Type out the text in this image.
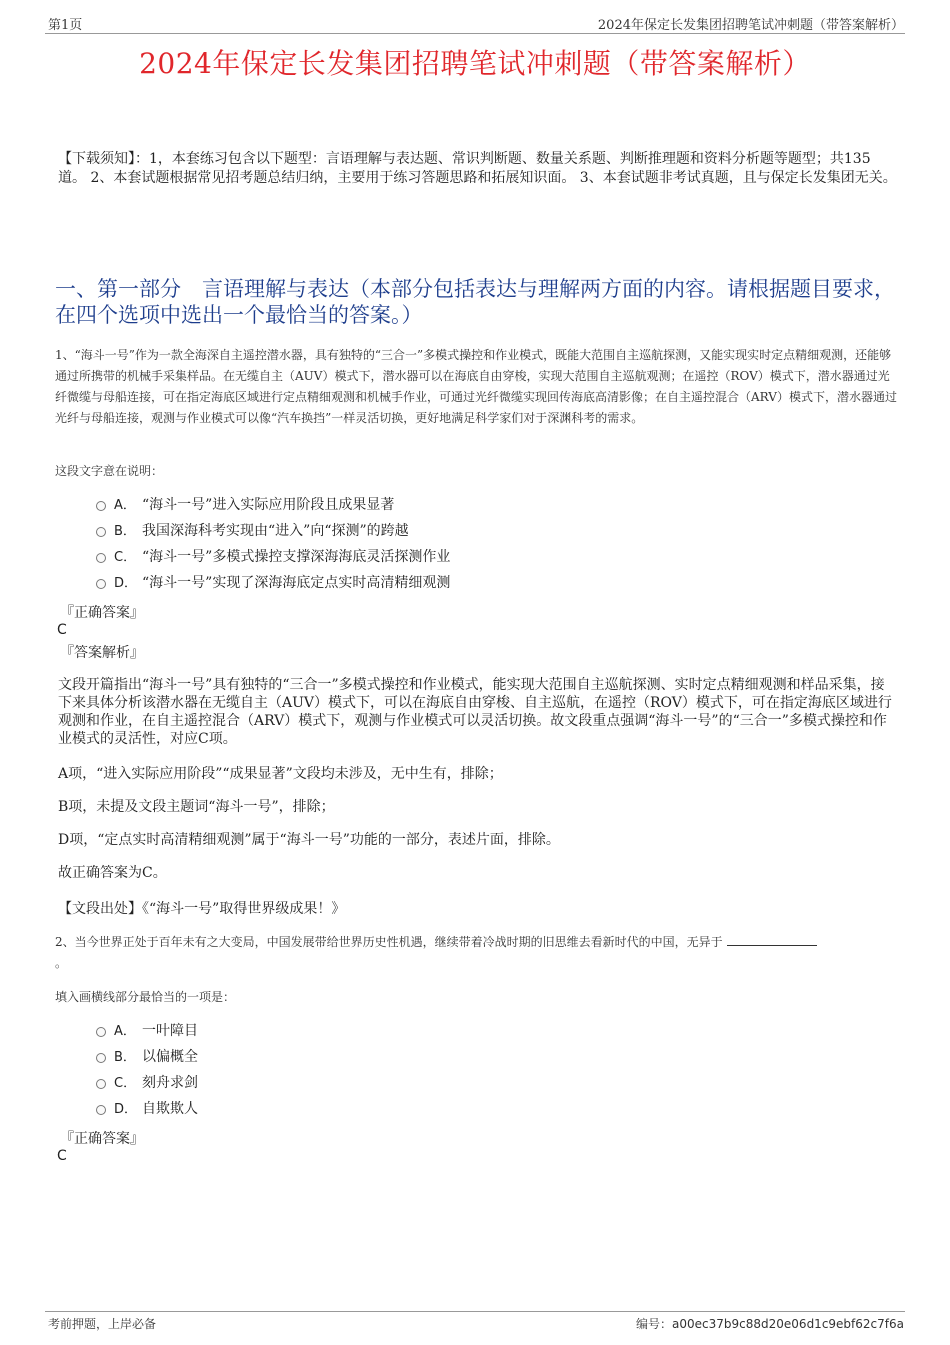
第1页	2024年保定长发集团招聘笔试冲刺题（带答案解析）
2024年保定长发集团招聘笔试冲刺题（带答案解析）
【下载须知】：1，本套练习包含以下题型：言语理解与表达题、常识判断题、数量关系题、判断推理题和资料分析题等题型；共135道。 2、本套试题根据常见招考题总结归纳，主要用于练习答题思路和拓展知识面。 3、本套试题非考试真题，且与保定长发集团无关。
一、第一部分　言语理解与表达（本部分包括表达与理解两方面的内容。请根据题目要求，在四个选项中选出一个最恰当的答案。）
1、“海斗一号”作为一款全海深自主遥控潜水器，具有独特的“三合一”多模式操控和作业模式，既能大范围自主巡航探测，又能实现实时定点精细观测，还能够通过所携带的机械手采集样品。在无缆自主（AUV）模式下，潜水器可以在海底自由穿梭，实现大范围自主巡航观测；在遥控（ROV）模式下，潜水器通过光纤微缆与母船连接，可在指定海底区域进行定点精细观测和机械手作业，可通过光纤微缆实现回传海底高清影像；在自主遥控混合（ARV）模式下，潜水器通过光纤与母船连接，观测与作业模式可以像“汽车换挡”一样灵活切换，更好地满足科学家们对于深渊科考的需求。
这段文字意在说明：
A． “海斗一号”进入实际应用阶段且成果显著
B． 我国深海科考实现由“进入”向“探测”的跨越
C． “海斗一号”多模式操控支撑深海海底灵活探测作业
D． “海斗一号”实现了深海海底定点实时高清精细观测
『正确答案』
C
『答案解析』
文段开篇指出“海斗一号”具有独特的“三合一”多模式操控和作业模式，能实现大范围自主巡航探测、实时定点精细观测和样品采集，接下来具体分析该潜水器在无缆自主（AUV）模式下，可以在海底自由穿梭、自主巡航，在遥控（ROV）模式下，可在指定海底区域进行观测和作业，在自主遥控混合（ARV）模式下，观测与作业模式可以灵活切换。故文段重点强调“海斗一号”的“三合一”多模式操控和作业模式的灵活性，对应C项。
A项，“进入实际应用阶段”“成果显著”文段均未涉及，无中生有，排除；
B项，未提及文段主题词“海斗一号”，排除；
D项，“定点实时高清精细观测”属于“海斗一号”功能的一部分，表述片面，排除。
故正确答案为C。
【文段出处】《“海斗一号”取得世界级成果！》
2、当今世界正处于百年未有之大变局，中国发展带给世界历史性机遇，继续带着冷战时期的旧思维去看新时代的中国，无异于
。
填入画横线部分最恰当的一项是：
A． 一叶障目
B． 以偏概全
C． 刻舟求剑
D． 自欺欺人
『正确答案』
C
考前押题，上岸必备	编号：a00ec37b9c88d20e06d1c9ebf62c7f6a
